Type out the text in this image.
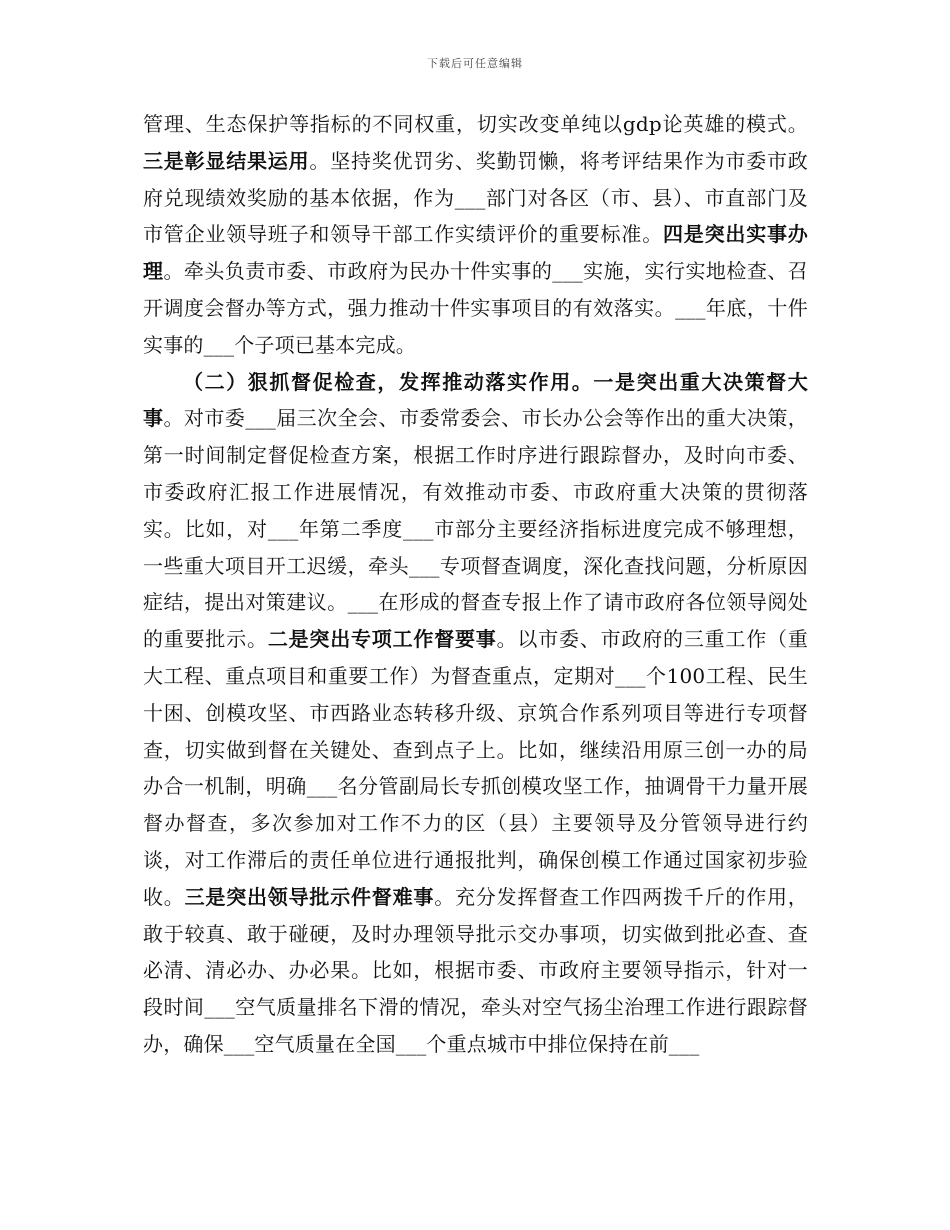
下载后可任意编辑

管理、生态保护等指标的不同权重，切实改变单纯以gdp论英雄的模式。三是彰显结果运用。坚持奖优罚劣、奖勤罚懒，将考评结果作为市委市政府兑现绩效奖励的基本依据，作为___部门对各区（市、县）、市直部门及市管企业领导班子和领导干部工作实绩评价的重要标准。四是突出实事办理。牵头负责市委、市政府为民办十件实事的___实施，实行实地检查、召开调度会督办等方式，强力推动十件实事项目的有效落实。___年底，十件实事的___个子项已基本完成。

（二）狠抓督促检查，发挥推动落实作用。一是突出重大决策督大事。对市委___届三次全会、市委常委会、市长办公会等作出的重大决策，第一时间制定督促检查方案，根据工作时序进行跟踪督办，及时向市委、市委政府汇报工作进展情况，有效推动市委、市政府重大决策的贯彻落实。比如，对___年第二季度___市部分主要经济指标进度完成不够理想，一些重大项目开工迟缓，牵头___专项督查调度，深化查找问题，分析原因症结，提出对策建议。___在形成的督查专报上作了请市政府各位领导阅处的重要批示。二是突出专项工作督要事。以市委、市政府的三重工作（重大工程、重点项目和重要工作）为督查重点，定期对___个100工程、民生十困、创模攻坚、市西路业态转移升级、京筑合作系列项目等进行专项督查，切实做到督在关键处、查到点子上。比如，继续沿用原三创一办的局办合一机制，明确___名分管副局长专抓创模攻坚工作，抽调骨干力量开展督办督查，多次参加对工作不力的区（县）主要领导及分管领导进行约谈，对工作滞后的责任单位进行通报批判，确保创模工作通过国家初步验收。三是突出领导批示件督难事。充分发挥督查工作四两拨千斤的作用，敢于较真、敢于碰硬，及时办理领导批示交办事项，切实做到批必查、查必清、清必办、办必果。比如，根据市委、市政府主要领导指示，针对一段时间___空气质量排名下滑的情况，牵头对空气扬尘治理工作进行跟踪督办，确保___空气质量在全国___个重点城市中排位保持在前___
